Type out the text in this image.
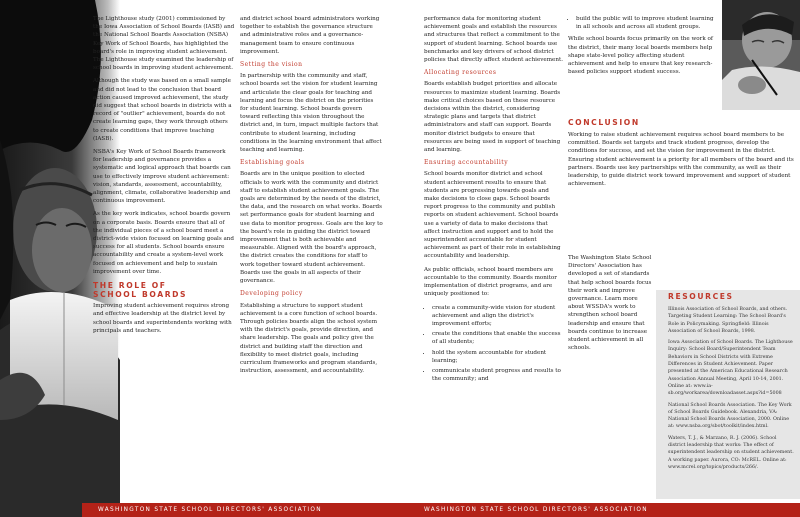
The Lighthouse study (2001) commissioned by the Iowa Association of School Boards (IASB) and the National School Boards Association (NSBA) Key Work of School Boards, has highlighted the board's role in improving student achievement. The Lighthouse study examined the leadership of school boards in improving student achievement.

Although the study was based on a small sample and did not lead to the conclusion that board action caused improved achievement, the study did suggest that school boards in districts with a record of "outlier" achievement, boards do not create learning gaps, they work through others to create conditions that improve teaching (IASB).

NSBA's Key Work of School Boards framework for leadership and governance provides a systematic and logical approach that boards can use to effectively improve student achievement: vision, standards, assessment, accountability, alignment, climate, collaborative leadership and continuous improvement.

As the key work indicates, school boards govern on a corporate basis. Boards ensure that all of the individual pieces of a school board meet a district-wide vision focused on learning goals and success for all students. School boards ensure accountability and create a system-level work focused on achievement and help to sustain improvement over time.

THE ROLE OF
SCHOOL BOARDS

Improving student achievement requires strong and effective leadership at the district level by school boards and superintendents working with principals and teachers.

and district school board administrators working together to establish the governance structure and administrative roles and a governance-management team to ensure continuous improvement.

Setting the vision

In partnership with the community and staff, school boards set the vision for student learning and articulate the clear goals for teaching and learning and focus the district on the priorities for student learning. School boards govern toward reflecting this vision throughout the district and, in turn, impact multiple factors that contribute to student learning, including conditions in the learning environment that affect teaching and learning.

Establishing goals

Boards are in the unique position to elected officials to work with the community and district staff to establish student achievement goals. The goals are determined by the needs of the district, the data, and the research on what works. Boards set performance goals for student learning and use data to monitor progress. Goals are the key to the board's role in guiding the district toward improvement that is both achievable and measurable. Aligned with the board's approach, the district creates the conditions for staff to work together toward student achievement. Boards use the goals in all aspects of their governance.

Developing policy

Establishing a structure to support student achievement is a core function of school boards. Through policies boards align the school system with the district's goals, provide direction, and share leadership. The goals and policy give the district and building staff the direction and flexibility to meet district goals, including curriculum frameworks and program standards, instruction, assessment, and accountability.

WASHINGTON STATE SCHOOL DIRECTORS' ASSOCIATION

performance data for monitoring student achievement goals and establish the resources and structures that reflect a commitment to the support of student learning. School boards use benchmarks and key drivers of school district policies that directly affect student achievement.

Allocating resources

Boards establish budget priorities and allocate resources to maximize student learning. Boards make critical choices based on these resource decisions within the district, considering strategic plans and targets that district administrators and staff can support. Boards monitor district budgets to ensure that resources are being used in support of teaching and learning.

Ensuring accountability

School boards monitor district and school student achievement results to ensure that students are progressing towards goals and make decisions to close gaps. School boards report progress to the community and publish reports on student achievement. School boards use a variety of data to make decisions that affect instruction and support and to hold the superintendent accountable for student achievement as part of their role in establishing accountability and leadership.

As public officials, school board members are accountable to the community. Boards monitor implementation of district programs, and are uniquely positioned to:

• create a community-wide vision for student achievement and align the district's improvement efforts;
• create the conditions that enable the success of all students;
• hold the system accountable for student learning;
• communicate student progress and results to the community; and
• build the public will to improve student learning in all schools and across all student groups.

While school boards focus primarily on the work of the district, their many local boards members help shape state-level policy affecting student achievement and help to ensure that key research-based policies support student success.

CONCLUSION

Working to raise student achievement requires school board members to be committed. Boards set targets and track student progress, develop the conditions for success, and set the vision for improvement in the district. Ensuring student achievement is a priority for all members of the board and its partners. Boards use key partnerships with the community, as well as their leadership, to guide district work toward improvement and support of student achievement.

The Washington State School Directors' Association has developed a set of standards that help school boards focus their work and improve governance. Learn more about WSSDA's work to strengthen school board leadership and ensure that boards continue to increase student achievement in all schools.

RESOURCES

Illinois Association of School Boards, and others. Targeting Student Learning: The School Board's Role in Policymaking. Springfield: Illinois Association of School Boards, 1998.

Iowa Association of School Boards. The Lighthouse Inquiry: School Board/Superintendent Team Behaviors in School Districts with Extreme Differences in Student Achievement. Paper presented at the American Educational Research Association Annual Meeting, April 10-14, 2001. Online at: www.ia-sb.org/workarea/downloadasset.aspx?id=5008

National School Boards Association. The Key Work of School Boards Guidebook. Alexandria, VA: National School Boards Association, 2000. Online at: www.nsba.org/sbot/toolkit/index.html.

Waters, T. J., & Marzano, R. J. (2006). School district leadership that works: The effect of superintendent leadership on student achievement. A working paper. Aurora, CO: McREL. Online at: www.mcrel.org/topics/products/266/.

WASHINGTON STATE SCHOOL DIRECTORS' ASSOCIATION
